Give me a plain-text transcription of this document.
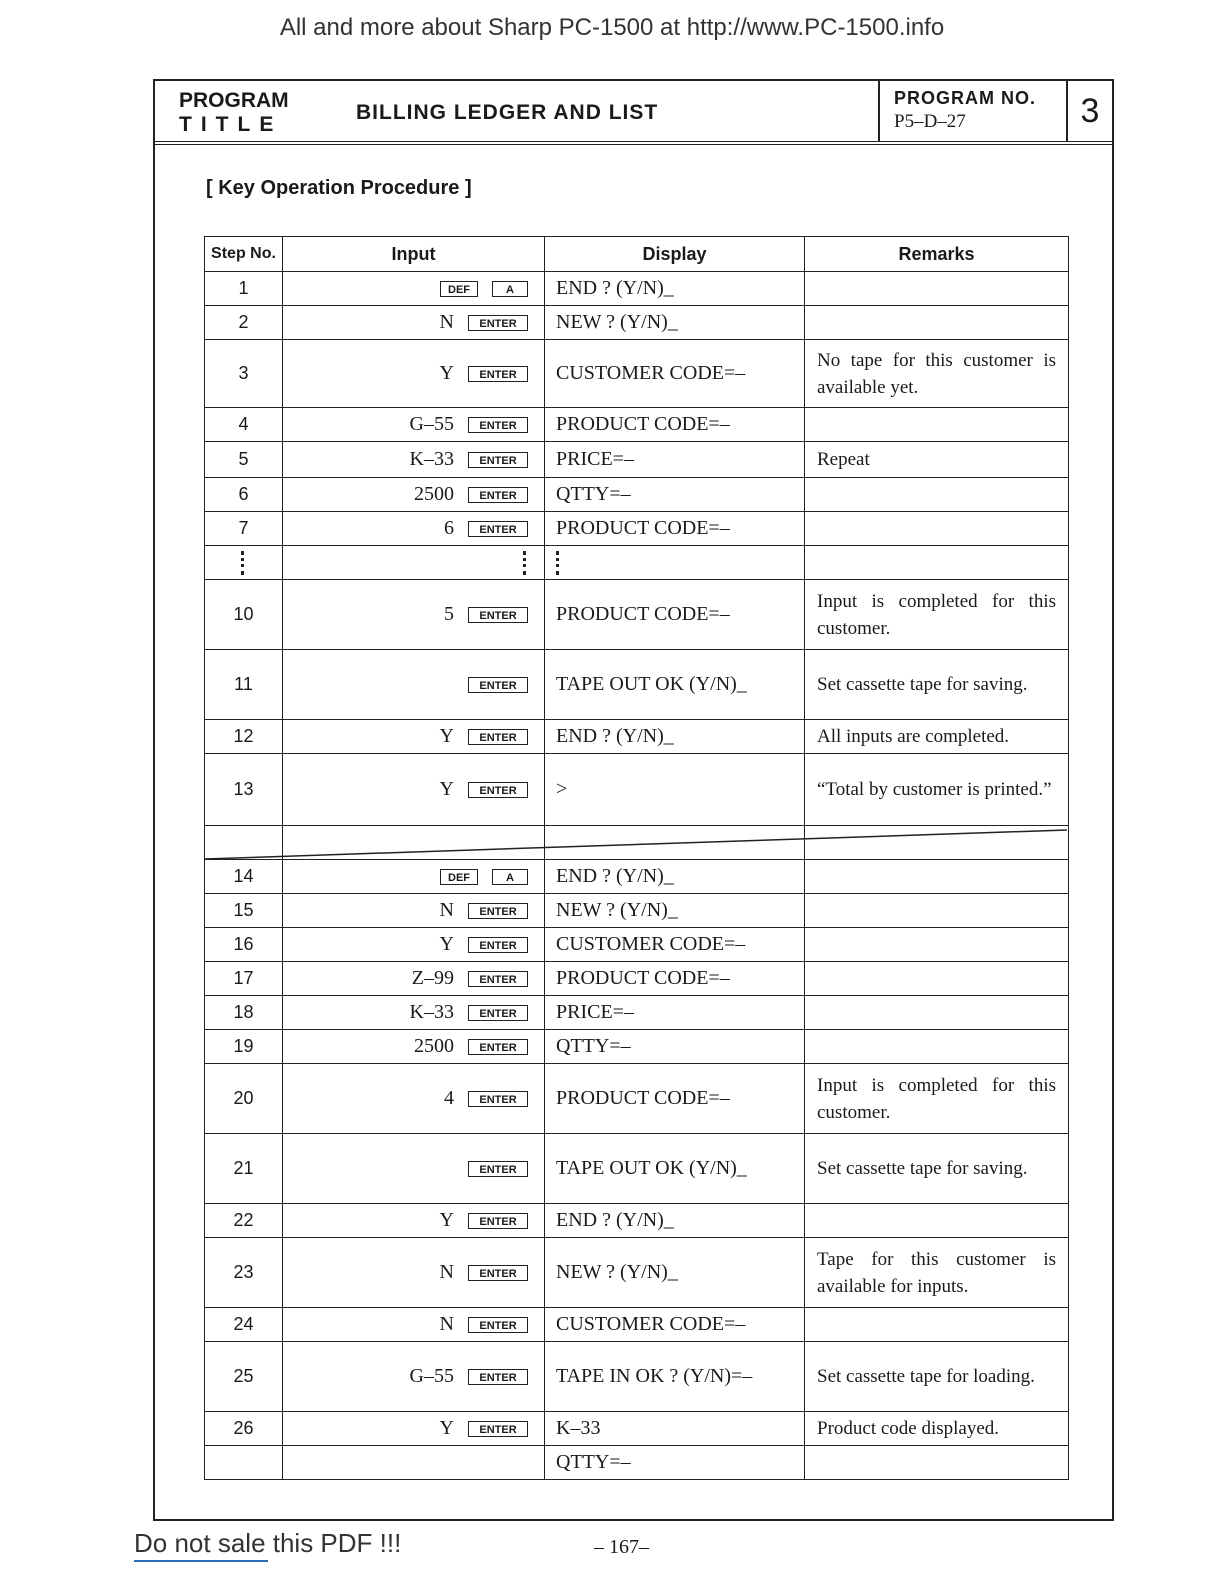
All and more about Sharp PC-1500 at http://www.PC-1500.info
PROGRAM
TITLE
BILLING LEDGER AND LIST
PROGRAM NO.
P5–D–27	3
[ Key Operation Procedure ]
Step No.	Input	Display	Remarks
1	DEF A	END ? (Y/N)_	
2	N ENTER	NEW ? (Y/N)_	
3	Y ENTER	CUSTOMER CODE=–	No tape for this customer is available yet.
4	G–55 ENTER	PRODUCT CODE=–	
5	K–33 ENTER	PRICE=–	Repeat
6	2500 ENTER	QTTY=–	
7	6 ENTER	PRODUCT CODE=–	

10	5 ENTER	PRODUCT CODE=–	Input is completed for this customer.
11	ENTER	TAPE OUT OK (Y/N)_	Set cassette tape for saving.
12	Y ENTER	END ? (Y/N)_	All inputs are completed.
13	Y ENTER	>	“Total by customer is printed.”

14	DEF A	END ? (Y/N)_	
15	N ENTER	NEW ? (Y/N)_	
16	Y ENTER	CUSTOMER CODE=–	
17	Z–99 ENTER	PRODUCT CODE=–	
18	K–33 ENTER	PRICE=–	
19	2500 ENTER	QTTY=–	
20	4 ENTER	PRODUCT CODE=–	Input is completed for this customer.
21	ENTER	TAPE OUT OK (Y/N)_	Set cassette tape for saving.
22	Y ENTER	END ? (Y/N)_	
23	N ENTER	NEW ? (Y/N)_	Tape for this customer is available for inputs.
24	N ENTER	CUSTOMER CODE=–	
25	G–55 ENTER	TAPE IN OK ? (Y/N)=–	Set cassette tape for loading.
26	Y ENTER	K–33	Product code displayed.
		QTTY=–	
Do not sale this PDF !!!	– 167–
